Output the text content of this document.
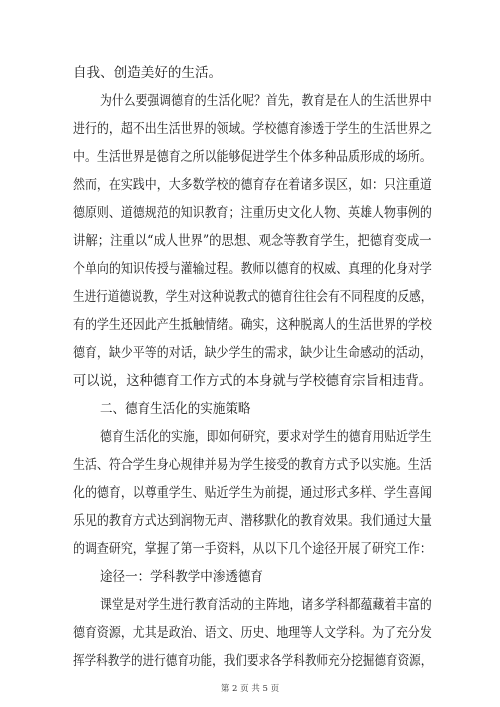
自我、创造美好的生活。
为什么要强调德育的生活化呢？首先，教育是在人的生活世界中
进行的，超不出生活世界的领域。学校德育渗透于学生的生活世界之
中。生活世界是德育之所以能够促进学生个体多种品质形成的场所。
然而，在实践中，大多数学校的德育存在着诸多误区，如：只注重道
德原则、道德规范的知识教育；注重历史文化人物、英雄人物事例的
讲解；注重以“成人世界”的思想、观念等教育学生，把德育变成一
个单向的知识传授与灌输过程。教师以德育的权威、真理的化身对学
生进行道德说教，学生对这种说教式的德育往往会有不同程度的反感，
有的学生还因此产生抵触情绪。确实，这种脱离人的生活世界的学校
德育，缺少平等的对话，缺少学生的需求，缺少让生命感动的活动，
可以说，这种德育工作方式的本身就与学校德育宗旨相违背。
二、德育生活化的实施策略
德育生活化的实施，即如何研究，要求对学生的德育用贴近学生
生活、符合学生身心规律并易为学生接受的教育方式予以实施。生活
化的德育，以尊重学生、贴近学生为前提，通过形式多样、学生喜闻
乐见的教育方式达到润物无声、潜移默化的教育效果。我们通过大量
的调查研究，掌握了第一手资料，从以下几个途径开展了研究工作：
途径一：学科教学中渗透德育
课堂是对学生进行教育活动的主阵地，诸多学科都蕴藏着丰富的
德育资源，尤其是政治、语文、历史、地理等人文学科。为了充分发
挥学科教学的进行德育功能，我们要求各学科教师充分挖掘德育资源，
第 2 页 共 5 页
